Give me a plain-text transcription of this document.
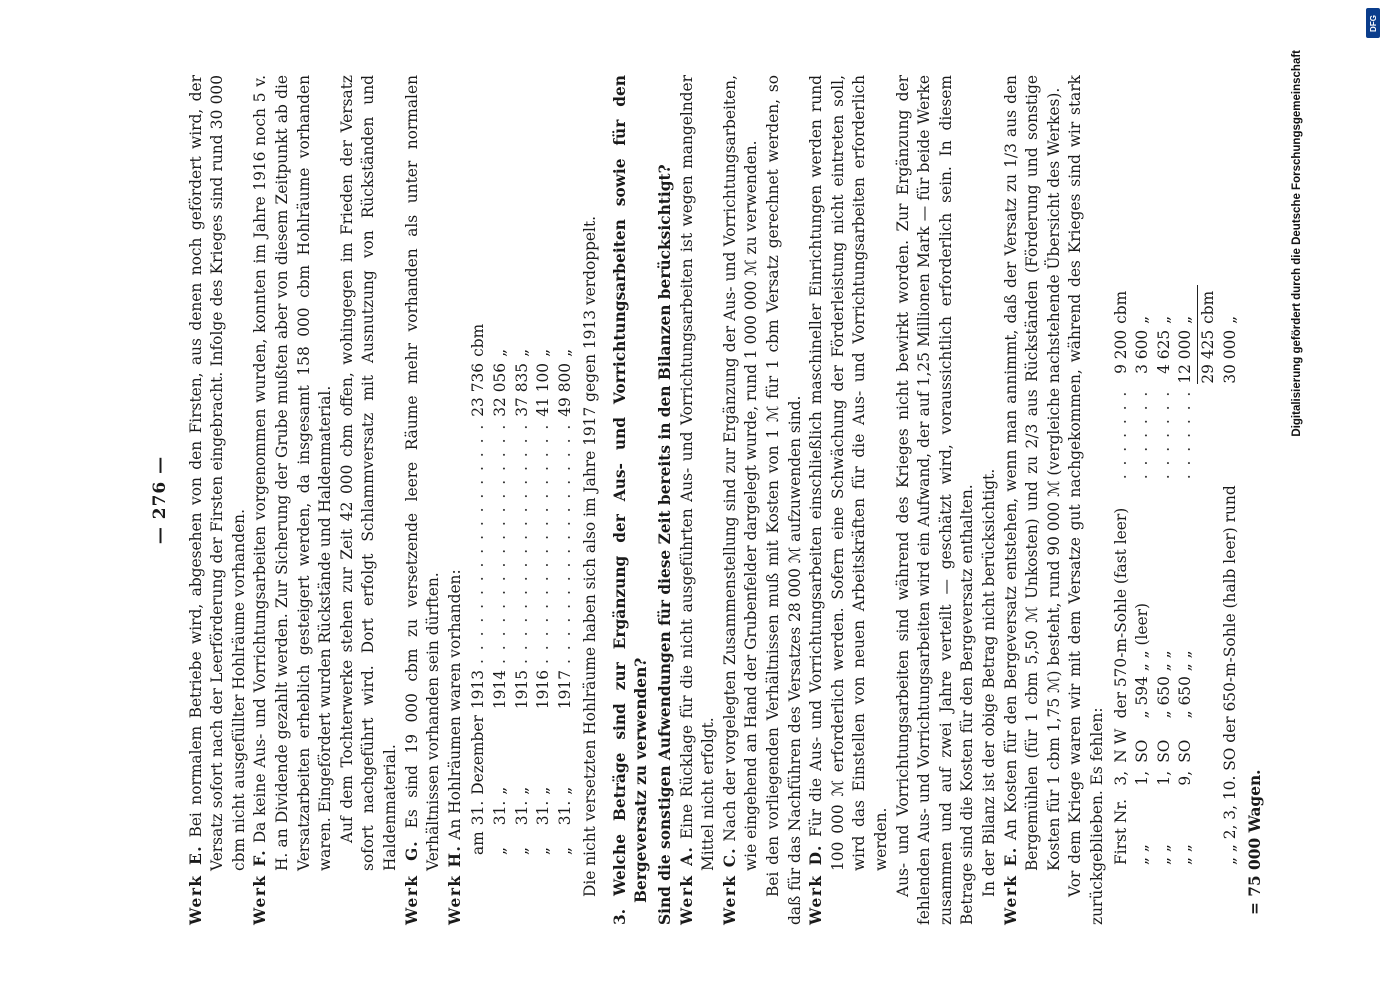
— 276 —

Werk E. Bei normalem Betriebe wird, abgesehen von den Firsten, aus denen noch gefördert wird, der Versatz sofort nach der Leerförderung der Firsten eingebracht. Infolge des Krieges sind rund 30 000 cbm nicht ausgefüllter Hohlräume vorhanden.

Werk F. Da keine Aus- und Vorrichtungsarbeiten vorgenommen wurden, konnten im Jahre 1916 noch 5 v. H. an Dividende gezahlt werden. Zur Sicherung der Grube mußten aber von diesem Zeitpunkt ab die Versatzarbeiten erheblich gesteigert werden, da insgesamt 158 000 cbm Hohlräume vorhanden waren. Eingefördert wurden Rückstände und Haldenmaterial. Auf dem Tochterwerke stehen zur Zeit 42 000 cbm offen, wohingegen im Frieden der Versatz sofort nachgeführt wird. Dort erfolgt Schlammversatz mit Ausnutzung von Rückständen und Haldenmaterial.

Werk G. Es sind 19 000 cbm zu versetzende leere Räume mehr vorhanden als unter normalen Verhältnissen vorhanden sein dürften.

Werk H. An Hohlräumen waren vorhanden:

am	31.	Dezember	1913	. . . . . . . . . . . . . . . . . .	23 736	cbm
„	31.	„	1914	. . . . . . . . . . . . . . . . . .	32 056	„
„	31.	„	1915	. . . . . . . . . . . . . . . . . .	37 835	„
„	31.	„	1916	. . . . . . . . . . . . . . . . . .	41 100	„
„	31.	„	1917	. . . . . . . . . . . . . . . . . .	49 800	„ Die nicht versetzten Hohlräume haben sich also im Jahre 1917 gegen 1913 verdoppelt. 3. Welche Beträge sind zur Ergänzung der Aus- und Vorrichtungsarbeiten sowie für den Bergeversatz zu verwenden? Sind die sonstigen Aufwendungen für diese Zeit bereits in den Bilanzen berücksichtigt? Werk A. Eine Rücklage für die nicht ausgeführten Aus- und Vorrichtungsarbeiten ist wegen mangelnder Mittel nicht erfolgt.

Werk C. Nach der vorgelegten Zusammenstellung sind zur Ergänzung der Aus- und Vorrichtungsarbeiten, wie eingehend an Hand der Grubenfelder dargelegt wurde, rund 1 000 000 ℳ zu verwenden. Bei den vorliegenden Verhältnissen muß mit Kosten von 1 ℳ für 1 cbm Versatz gerechnet werden, so daß für das Nachführen des Versatzes 28 000 ℳ aufzuwenden sind. Werk D. Für die Aus- und Vorrichtungsarbeiten einschließlich maschineller Einrichtungen werden rund 100 000 ℳ erforderlich werden. Sofern eine Schwächung der Förderleistung nicht eintreten soll, wird das Einstellen von neuen Arbeitskräften für die Aus- und Vorrichtungsarbeiten erforderlich werden. Aus- und Vorrichtungsarbeiten sind während des Krieges nicht bewirkt worden. Zur Ergänzung der fehlenden Aus- und Vorrichtungsarbeiten wird ein Aufwand, der auf 1,25 Millionen Mark — für beide Werke zusammen und auf zwei Jahre verteilt — geschätzt wird, voraussichtlich erforderlich sein. In diesem Betrage sind die Kosten für den Bergeversatz enthalten. In der Bilanz ist der obige Betrag nicht berücksichtigt. Werk E. An Kosten für den Bergeversatz entstehen, wenn man annimmt, daß der Versatz zu 1/3 aus den Bergemühlen (für 1 cbm 5,50 ℳ Unkosten) und zu 2/3 aus Rückständen (Förderung und sonstige Kosten für 1 cbm 1,75 ℳ) besteht, rund 90 000 ℳ (vergleiche nachstehende Übersicht des Werkes). Vor dem Kriege waren wir mit dem Versatze gut nachgekommen, während des Krieges sind wir stark zurückgeblieben. Es fehlen: First Nr.	3,	N W	der 570-m-Sohle (fast leer)	. . . . . . .	9 200	cbm
„ „	1,	SO	„ 594 „ „ (leer)	. . . . . . .	3 600	„
„ „	1,	SO	„ 650 „ „	. . . . . . .	4 625	„
„ „	9,	SO	„ 650 „ „	. . . . . . .	12 000	„
					29 425	cbm
„ „ 2, 3, 10. SO der 650-m-Sohle (halb leer) rund					30 000	„

= 75 000 Wagen.

Digitalisierung gefördert durch die Deutsche Forschungsgemeinschaft
DFG
